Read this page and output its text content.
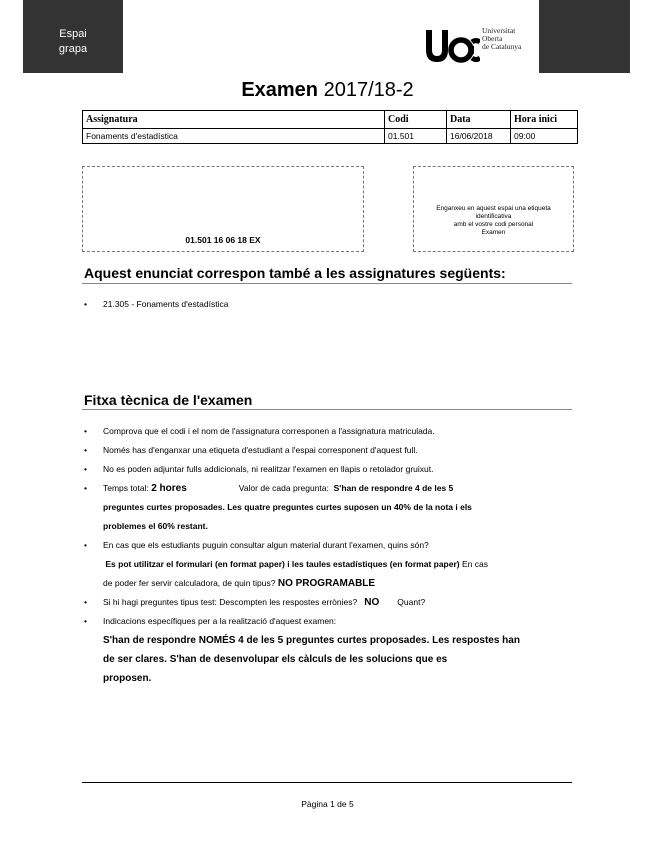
Espai
grapa
Universitat
Oberta
de Catalunya
Examen 2017/18-2
Assignatura	Codi	Data	Hora inici
Fonaments d'estadística	01.501	16/06/2018	09:00
01.501 16 06 18 EX
Enganxeu en aquest espai una etiqueta
identificativa
amb el vostre codi personal
Examen
Aquest enunciat correspon també a les assignatures següents:
• 21.305 - Fonaments d'estadística
Fitxa tècnica de l'examen
• Comprova que el codi i el nom de l'assignatura corresponen a l'assignatura matriculada.
• Només has d'enganxar una etiqueta d'estudiant a l'espai corresponent d'aquest full.
• No es poden adjuntar fulls addicionals, ni realitzar l'examen en llapis o retolador gruixut.
• Temps total: 2 hores	Valor de cada pregunta: S'han de respondre 4 de les 5
preguntes curtes proposades. Les quatre preguntes curtes suposen un 40% de la nota i els
problemes el 60% restant.
• En cas que els estudiants puguin consultar algun material durant l'examen, quins són?
Es pot utilitzar el formulari (en format paper) i les taules estadístiques (en format paper) En cas
de poder fer servir calculadora, de quin tipus? NO PROGRAMABLE
• Si hi hagi preguntes tipus test: Descompten les respostes errònies? NO Quant?
• Indicacions específiques per a la realització d'aquest examen:
S'han de respondre NOMÉS 4 de les 5 preguntes curtes proposades. Les respostes han
de ser clares. S'han de desenvolupar els càlculs de les solucions que es
proposen.
Pàgina 1 de 5
